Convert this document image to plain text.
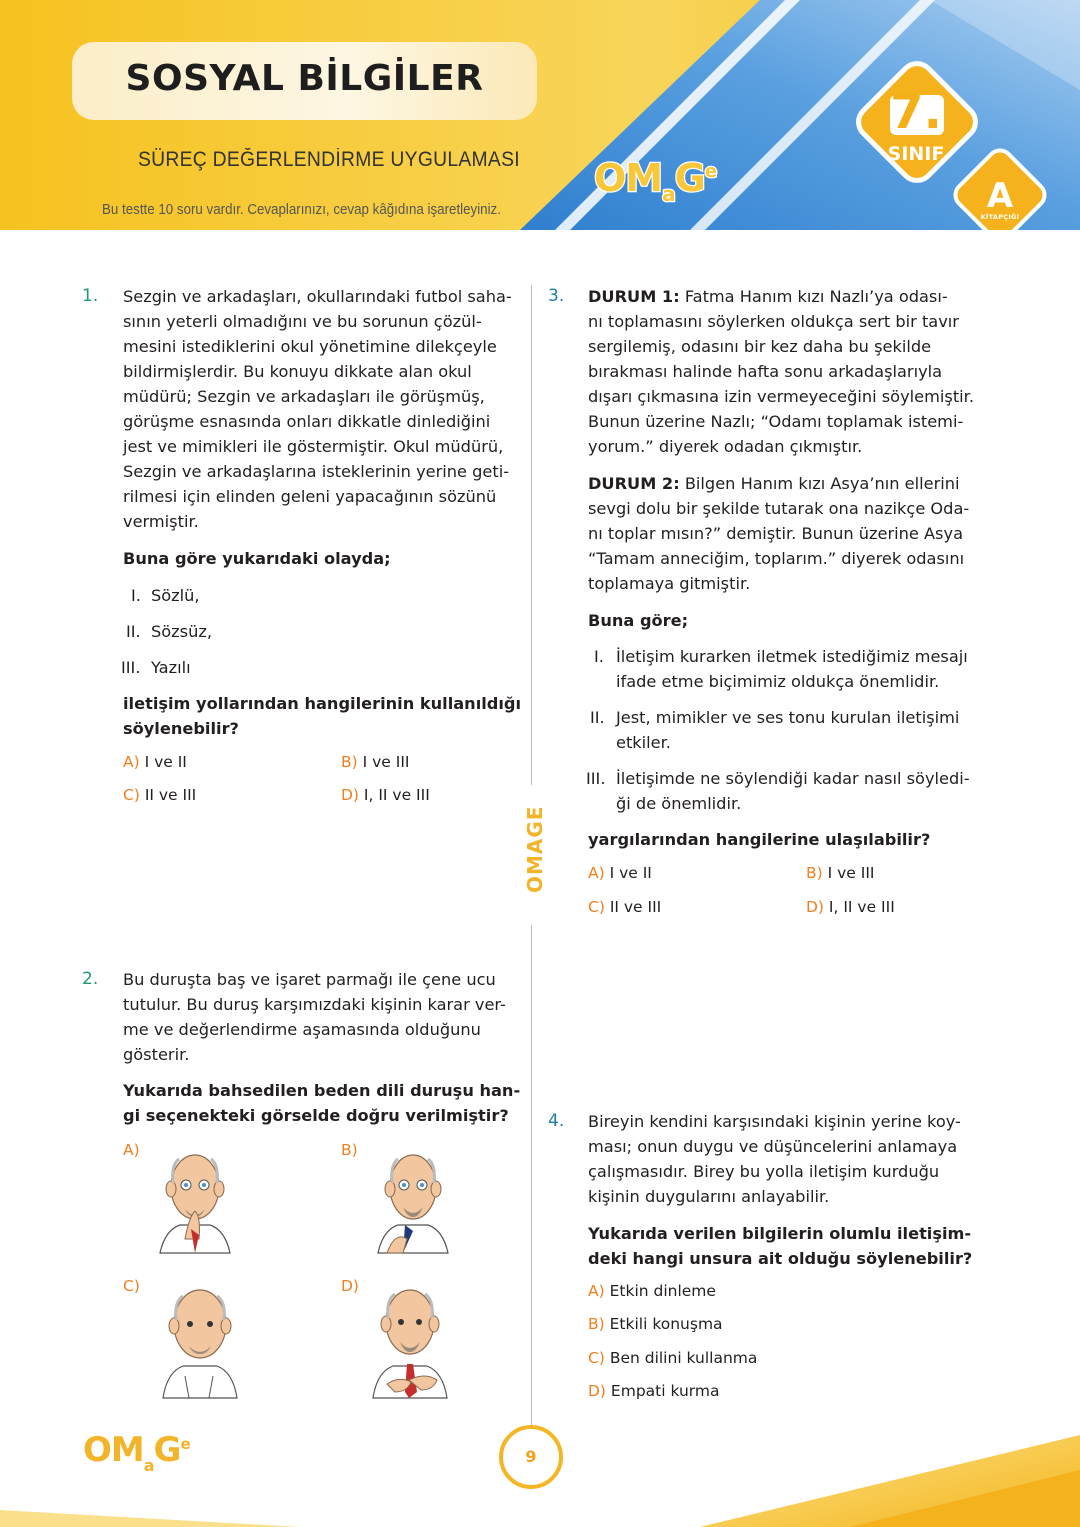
SOSYAL BİLGİLER
SÜREÇ DEĞERLENDİRME UYGULAMASI
Bu testte 10 soru vardır. Cevaplarınızı, cevap kâğıdına işaretleyiniz.
$OM_aG^e$
7.
SINIF
A
KİTAPÇIĞI
1. Sezgin ve arkadaşları, okullarındaki futbol saha-
sının yeterli olmadığını ve bu sorunun çözül-
mesini istediklerini okul yönetimine dilekçeyle
bildirmişlerdir. Bu konuyu dikkate alan okul
müdürü; Sezgin ve arkadaşları ile görüşmüş,
görüşme esnasında onları dikkatle dinlediğini
jest ve mimikleri ile göstermiştir. Okul müdürü,
Sezgin ve arkadaşlarına isteklerinin yerine geti-
rilmesi için elinden geleni yapacağının sözünü
vermiştir.
Buna göre yukarıdaki olayda;
I. Sözlü,
II. Sözsüz,
III. Yazılı
iletişim yollarından hangilerinin kullanıldığı
söylenebilir?
A) I ve II	B) I ve III
C) II ve III	D) I, II ve III
2. Bu duruşta baş ve işaret parmağı ile çene ucu
tutulur. Bu duruş karşımızdaki kişinin karar ver-
me ve değerlendirme aşamasında olduğunu
gösterir.
Yukarıda bahsedilen beden dili duruşu han-
gi seçenekteki görselde doğru verilmiştir?
A)	B)
C)	D)
OMAGE
3. DURUM 1: Fatma Hanım kızı Nazlı’ya odası-
nı toplamasını söylerken oldukça sert bir tavır
sergilemiş, odasını bir kez daha bu şekilde
bırakması halinde hafta sonu arkadaşlarıyla
dışarı çıkmasına izin vermeyeceğini söylemiştir.
Bunun üzerine Nazlı; “Odamı toplamak istemi-
yorum.” diyerek odadan çıkmıştır.
DURUM 2: Bilgen Hanım kızı Asya’nın ellerini
sevgi dolu bir şekilde tutarak ona nazikçe Oda-
nı toplar mısın?” demiştir. Bunun üzerine Asya
“Tamam anneciğim, toplarım.” diyerek odasını
toplamaya gitmiştir.
Buna göre;
I. İletişim kurarken iletmek istediğimiz mesajı
ifade etme biçimimiz oldukça önemlidir.
II. Jest, mimikler ve ses tonu kurulan iletişimi
etkiler.
III. İletişimde ne söylendiği kadar nasıl söyledi-
ği de önemlidir.
yargılarından hangilerine ulaşılabilir?
A) I ve II	B) I ve III
C) II ve III	D) I, II ve III
4. Bireyin kendini karşısındaki kişinin yerine koy-
ması; onun duygu ve düşüncelerini anlamaya
çalışmasıdır. Birey bu yolla iletişim kurduğu
kişinin duygularını anlayabilir.
Yukarıda verilen bilgilerin olumlu iletişim-
deki hangi unsura ait olduğu söylenebilir?
A) Etkin dinleme
B) Etkili konuşma
C) Ben dilini kullanma
D) Empati kurma
$OM_aG^e$
9
